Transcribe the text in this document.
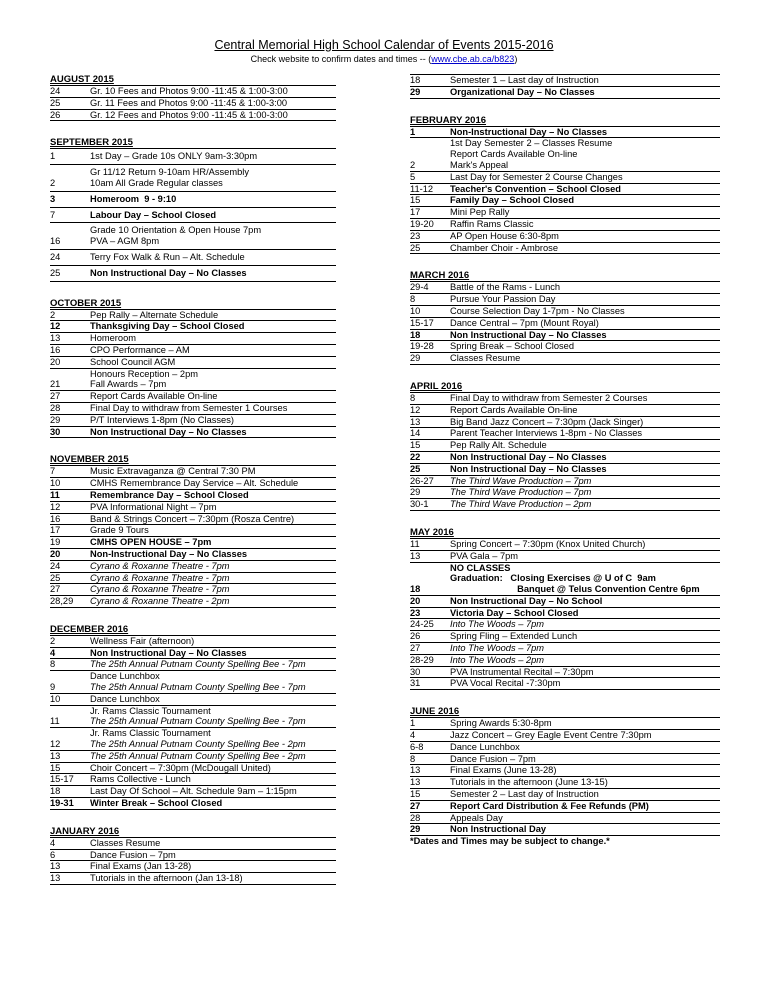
Central Memorial High School Calendar of Events 2015-2016
Check website to confirm dates and times -- (www.cbe.ab.ca/b823)
AUGUST 2015
24	Gr. 10 Fees and Photos 9:00 -11:45 & 1:00-3:00

25	Gr. 11 Fees and Photos 9:00 -11:45 & 1:00-3:00

26	Gr. 12 Fees and Photos 9:00 -11:45 & 1:00-3:00
SEPTEMBER 2015
1	1st Day – Grade 10s ONLY 9am-3:30pm

2	Gr 11/12 Return 9-10am HR/Assembly
10am All Grade Regular classes

3	Homeroom  9 - 9:10

7	Labour Day – School Closed

16	Grade 10 Orientation & Open House 7pm
PVA – AGM 8pm

24	Terry Fox Walk & Run – Alt. Schedule

25	Non Instructional Day – No Classes
OCTOBER 2015
2	Pep Rally – Alternate Schedule

12	Thanksgiving Day – School Closed

13	Homeroom

16	CPO Performance – AM

20	School Council AGM

21	Honours Reception – 2pm
Fall Awards – 7pm

27	Report Cards Available On-line

28	Final Day to withdraw from Semester 1 Courses

29	P/T Interviews 1-8pm (No Classes)

30	Non Instructional Day – No Classes
NOVEMBER 2015
7	Music Extravaganza @ Central 7:30 PM

10	CMHS Remembrance Day Service – Alt. Schedule

11	Remembrance Day – School Closed

12	PVA Informational Night – 7pm

16	Band & Strings Concert – 7:30pm (Rosza Centre)

17	Grade 9 Tours

19	CMHS OPEN HOUSE – 7pm

20	Non-Instructional Day – No Classes

24	Cyrano & Roxanne Theatre - 7pm

25	Cyrano & Roxanne Theatre - 7pm

27	Cyrano & Roxanne Theatre - 7pm

28,29	Cyrano & Roxanne Theatre - 2pm
DECEMBER 2016
2	Wellness Fair (afternoon)

4	Non Instructional Day – No Classes

8	The 25th Annual Putnam County Spelling Bee - 7pm

9	Dance Lunchbox
The 25th Annual Putnam County Spelling Bee - 7pm

10	Dance Lunchbox

11	Jr. Rams Classic Tournament
The 25th Annual Putnam County Spelling Bee - 7pm

12	Jr. Rams Classic Tournament
The 25th Annual Putnam County Spelling Bee - 2pm

13	The 25th Annual Putnam County Spelling Bee - 2pm

15	Choir Concert – 7:30pm (McDougall United)

15-17	Rams Collective - Lunch

18	Last Day Of School – Alt. Schedule 9am – 1:15pm

19-31	Winter Break – School Closed
JANUARY 2016
4	Classes Resume

6	Dance Fusion – 7pm

13	Final Exams (Jan 13-28)

13	Tutorials in the afternoon (Jan 13-18)
18	Semester 1 – Last day of Instruction

29	Organizational Day – No Classes
FEBRUARY 2016
1	Non-Instructional Day – No Classes

2	1st Day Semester 2 – Classes Resume
Report Cards Available On-line
Mark's Appeal

5	Last Day for Semester 2 Course Changes

11-12	Teacher's Convention – School Closed

15	Family Day – School Closed

17	Mini Pep Rally

19-20	Raffin Rams Classic

23	AP Open House 6:30-8pm

25	Chamber Choir - Ambrose
MARCH 2016
29-4	Battle of the Rams - Lunch

8	Pursue Your Passion Day

10	Course Selection Day 1-7pm - No Classes

15-17	Dance Central – 7pm (Mount Royal)

18	Non Instructional Day – No Classes

19-28	Spring Break – School Closed

29	Classes Resume
APRIL 2016
8	Final Day to withdraw from Semester 2 Courses

12	Report Cards Available On-line

13	Big Band Jazz Concert – 7:30pm (Jack Singer)

14	Parent Teacher Interviews 1-8pm - No Classes

15	Pep Rally Alt. Schedule

22	Non Instructional Day – No Classes

25	Non Instructional Day – No Classes

26-27	The Third Wave Production – 7pm

29	The Third Wave Production – 7pm

30-1	The Third Wave Production – 2pm
MAY 2016
11	Spring Concert – 7:30pm (Knox United Church)

13	PVA Gala – 7pm

18	NO CLASSES
Graduation:   Closing Exercises @ U of C  9am
Banquet @ Telus Convention Centre 6pm

20	Non Instructional Day – No School

23	Victoria Day – School Closed

24-25	Into The Woods – 7pm

26	Spring Fling – Extended Lunch

27	Into The Woods – 7pm

28-29	Into The Woods – 2pm

30	PVA Instrumental Recital – 7:30pm

31	PVA Vocal Recital -7:30pm
JUNE 2016
1	Spring Awards 5:30-8pm

4	Jazz Concert – Grey Eagle Event Centre 7:30pm

6-8	Dance Lunchbox

8	Dance Fusion – 7pm

13	Final Exams (June 13-28)

13	Tutorials in the afternoon (June 13-15)

15	Semester 2 – Last day of Instruction

27	Report Card Distribution & Fee Refunds (PM)

28	Appeals Day

29	Non Instructional Day
*Dates and Times may be subject to change.*
